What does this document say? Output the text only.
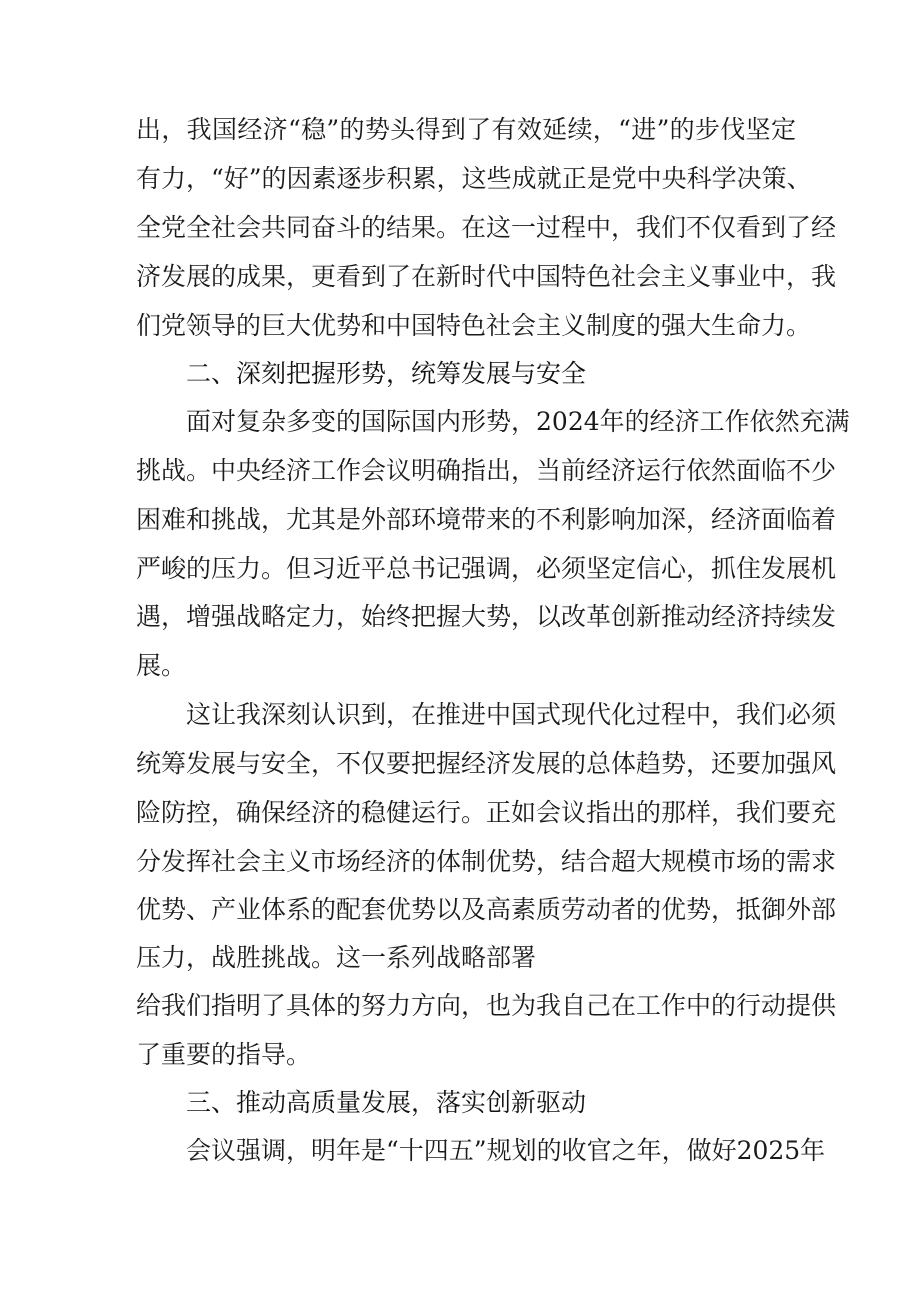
出，我国经济“稳”的势头得到了有效延续，“进”的步伐坚定
有力，“好”的因素逐步积累，这些成就正是党中央科学决策、
全党全社会共同奋斗的结果。在这一过程中，我们不仅看到了经
济发展的成果，更看到了在新时代中国特色社会主义事业中，我
们党领导的巨大优势和中国特色社会主义制度的强大生命力。
二、深刻把握形势，统筹发展与安全
面对复杂多变的国际国内形势，2024年的经济工作依然充满
挑战。中央经济工作会议明确指出，当前经济运行依然面临不少
困难和挑战，尤其是外部环境带来的不利影响加深，经济面临着
严峻的压力。但习近平总书记强调，必须坚定信心，抓住发展机
遇，增强战略定力，始终把握大势，以改革创新推动经济持续发
展。
这让我深刻认识到，在推进中国式现代化过程中，我们必须
统筹发展与安全，不仅要把握经济发展的总体趋势，还要加强风
险防控，确保经济的稳健运行。正如会议指出的那样，我们要充
分发挥社会主义市场经济的体制优势，结合超大规模市场的需求
优势、产业体系的配套优势以及高素质劳动者的优势，抵御外部
压力，战胜挑战。这一系列战略部署
给我们指明了具体的努力方向，也为我自己在工作中的行动提供
了重要的指导。
三、推动高质量发展，落实创新驱动
会议强调，明年是“十四五”规划的收官之年，做好2025年
